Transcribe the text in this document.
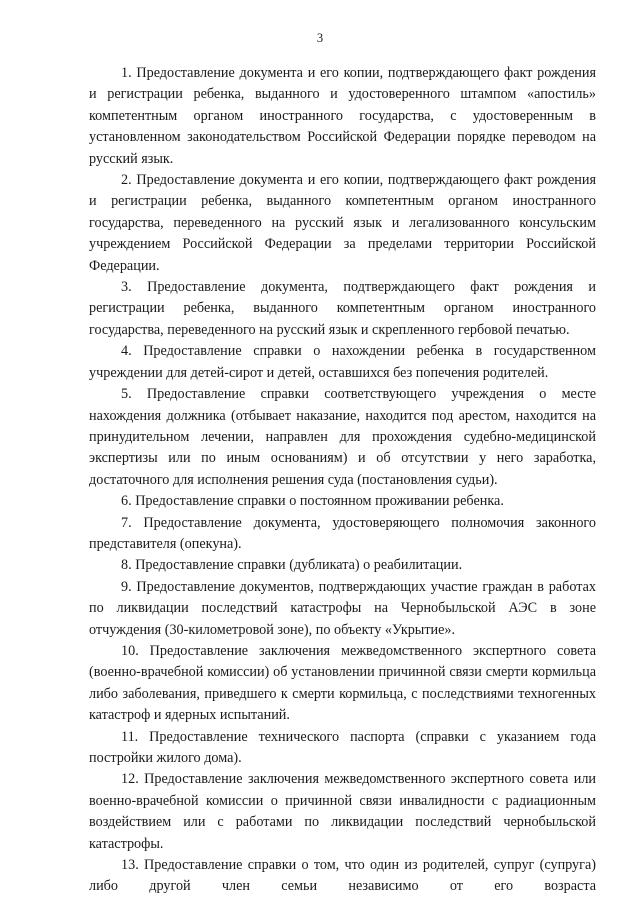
3

1. Предоставление документа и его копии, подтверждающего факт рождения и регистрации ребенка, выданного и удостоверенного штампом «апостиль» компетентным органом иностранного государства, с удостоверенным в установленном законодательством Российской Федерации порядке переводом на русский язык.

2. Предоставление документа и его копии, подтверждающего факт рождения и регистрации ребенка, выданного компетентным органом иностранного государства, переведенного на русский язык и легализованного консульским учреждением Российской Федерации за пределами территории Российской Федерации.

3. Предоставление документа, подтверждающего факт рождения и регистрации ребенка, выданного компетентным органом иностранного государства, переведенного на русский язык и скрепленного гербовой печатью.

4. Предоставление справки о нахождении ребенка в государственном учреждении для детей-сирот и детей, оставшихся без попечения родителей.

5. Предоставление справки соответствующего учреждения о месте нахождения должника (отбывает наказание, находится под арестом, находится на принудительном лечении, направлен для прохождения судебно-медицинской экспертизы или по иным основаниям) и об отсутствии у него заработка, достаточного для исполнения решения суда (постановления судьи).

6. Предоставление справки о постоянном проживании ребенка.

7. Предоставление документа, удостоверяющего полномочия законного представителя (опекуна).

8. Предоставление справки (дубликата) о реабилитации.

9. Предоставление документов, подтверждающих участие граждан в работах по ликвидации последствий катастрофы на Чернобыльской АЭС в зоне отчуждения (30-километровой зоне), по объекту «Укрытие».

10. Предоставление заключения межведомственного экспертного совета (военно-врачебной комиссии) об установлении причинной связи смерти кормильца либо заболевания, приведшего к смерти кормильца, с последствиями техногенных катастроф и ядерных испытаний.

11. Предоставление технического паспорта (справки с указанием года постройки жилого дома).

12. Предоставление заключения межведомственного экспертного совета или военно-врачебной комиссии о причинной связи инвалидности с радиационным воздействием или с работами по ликвидации последствий чернобыльской катастрофы.

13. Предоставление справки о том, что один из родителей, супруг (супруга) либо другой член семьи независимо от его возраста
